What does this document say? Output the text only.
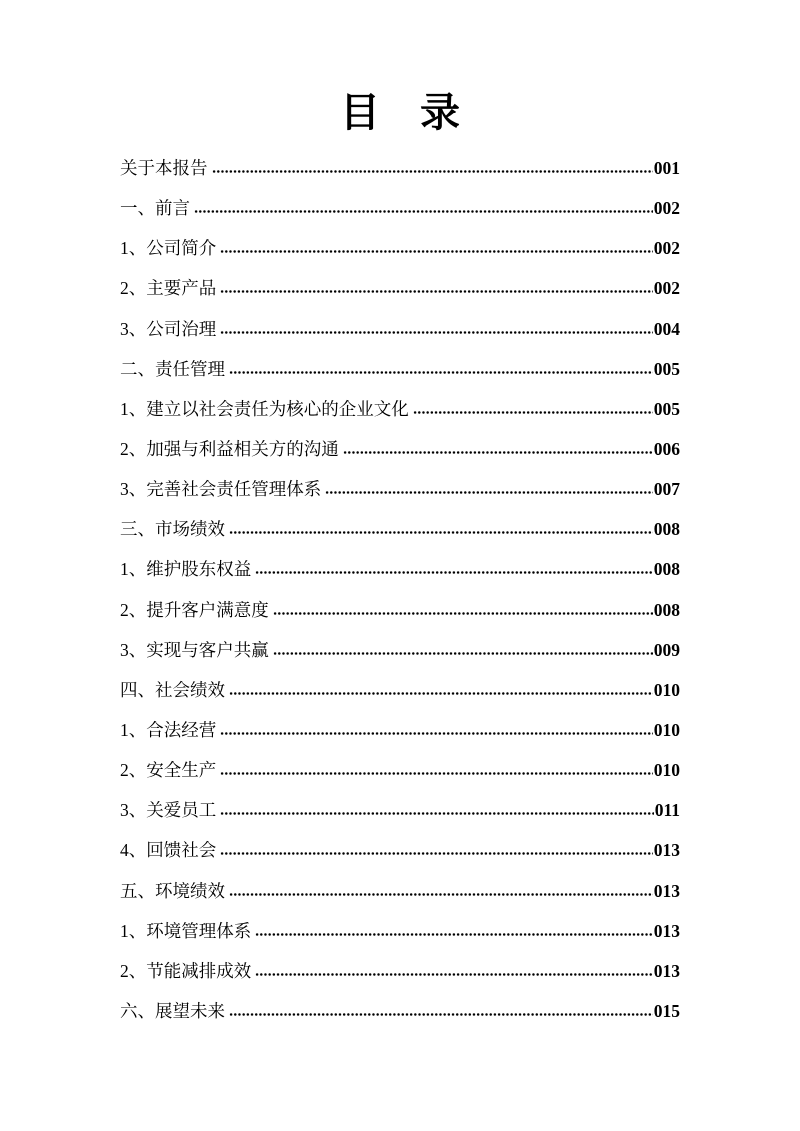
目　录
关于本报告	001
一、前言	002
1、公司简介	002
2、主要产品	002
3、公司治理	004
二、责任管理	005
1、建立以社会责任为核心的企业文化	005
2、加强与利益相关方的沟通	006
3、完善社会责任管理体系	007
三、市场绩效	008
1、维护股东权益	008
2、提升客户满意度	008
3、实现与客户共赢	009
四、社会绩效	010
1、合法经营	010
2、安全生产	010
3、关爱员工	011
4、回馈社会	013
五、环境绩效	013
1、环境管理体系	013
2、节能减排成效	013
六、展望未来	015
